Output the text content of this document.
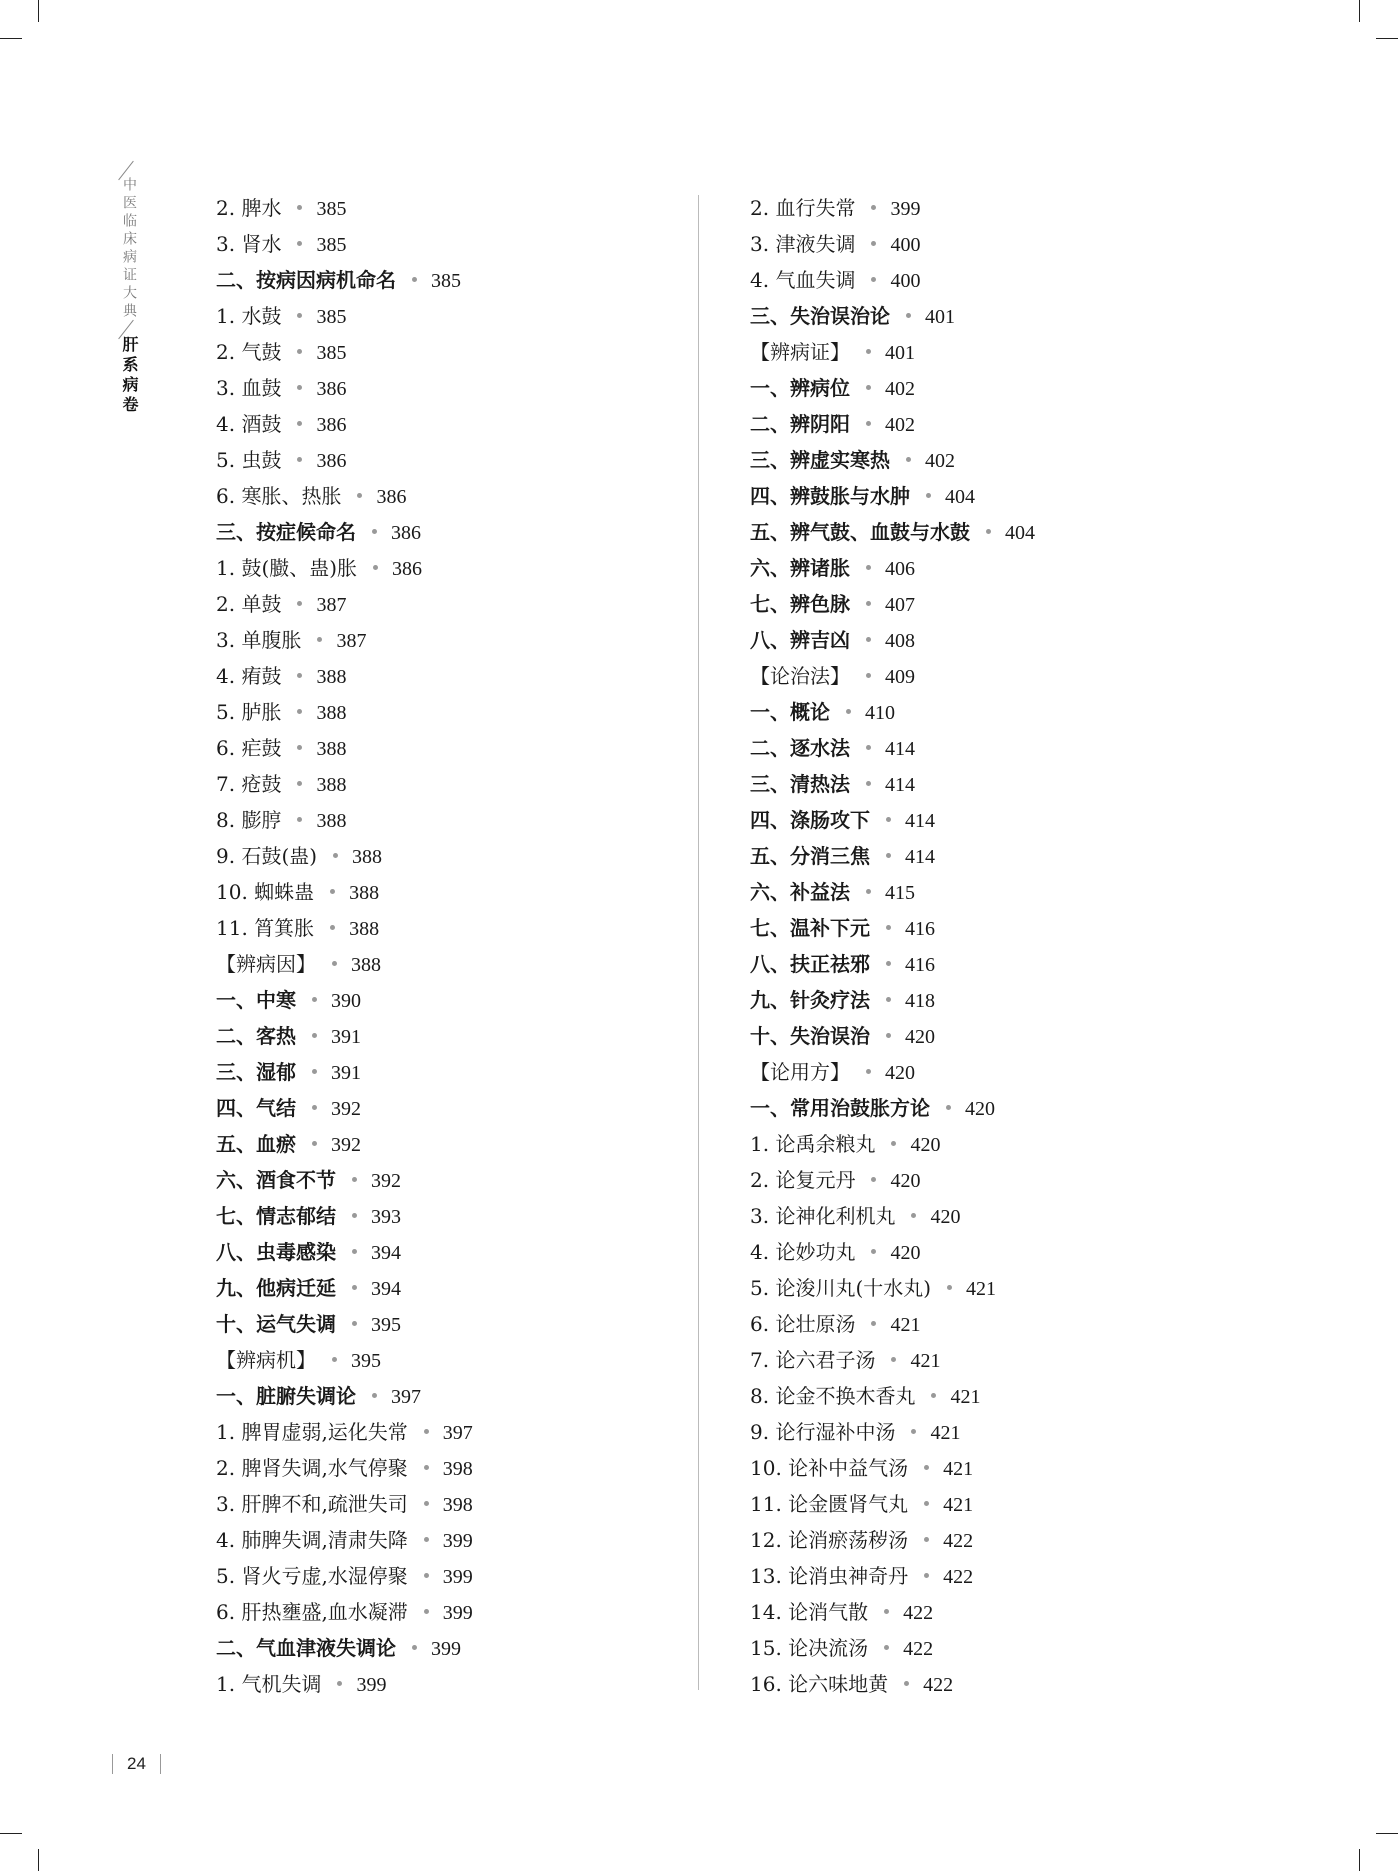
中医临床病证大典
肝系病卷
2. 脾水 385
3. 肾水 385
二、按病因病机命名 385
1. 水鼓 385
2. 气鼓 385
3. 血鼓 386
4. 酒鼓 386
5. 虫鼓 386
6. 寒胀、热胀 386
三、按症候命名 386
1. 鼓(臌、蛊)胀 386
2. 单鼓 387
3. 单腹胀 387
4. 痏鼓 388
5. 胪胀 388
6. 疟鼓 388
7. 疮鼓 388
8. 膨脝 388
9. 石鼓(蛊) 388
10. 蜘蛛蛊 388
11. 筲箕胀 388
【辨病因】 388
一、中寒 390
二、客热 391
三、湿郁 391
四、气结 392
五、血瘀 392
六、酒食不节 392
七、情志郁结 393
八、虫毒感染 394
九、他病迁延 394
十、运气失调 395
【辨病机】 395
一、脏腑失调论 397
1. 脾胃虚弱,运化失常 397
2. 脾肾失调,水气停聚 398
3. 肝脾不和,疏泄失司 398
4. 肺脾失调,清肃失降 399
5. 肾火亏虚,水湿停聚 399
6. 肝热壅盛,血水凝滞 399
二、气血津液失调论 399
1. 气机失调 399
2. 血行失常 399
3. 津液失调 400
4. 气血失调 400
三、失治误治论 401
【辨病证】 401
一、辨病位 402
二、辨阴阳 402
三、辨虚实寒热 402
四、辨鼓胀与水肿 404
五、辨气鼓、血鼓与水鼓 404
六、辨诸胀 406
七、辨色脉 407
八、辨吉凶 408
【论治法】 409
一、概论 410
二、逐水法 414
三、清热法 414
四、涤肠攻下 414
五、分消三焦 414
六、补益法 415
七、温补下元 416
八、扶正祛邪 416
九、针灸疗法 418
十、失治误治 420
【论用方】 420
一、常用治鼓胀方论 420
1. 论禹余粮丸 420
2. 论复元丹 420
3. 论神化利机丸 420
4. 论妙功丸 420
5. 论浚川丸(十水丸) 421
6. 论壮原汤 421
7. 论六君子汤 421
8. 论金不换木香丸 421
9. 论行湿补中汤 421
10. 论补中益气汤 421
11. 论金匮肾气丸 421
12. 论消瘀荡秽汤 422
13. 论消虫神奇丹 422
14. 论消气散 422
15. 论决流汤 422
16. 论六味地黄 422
24
